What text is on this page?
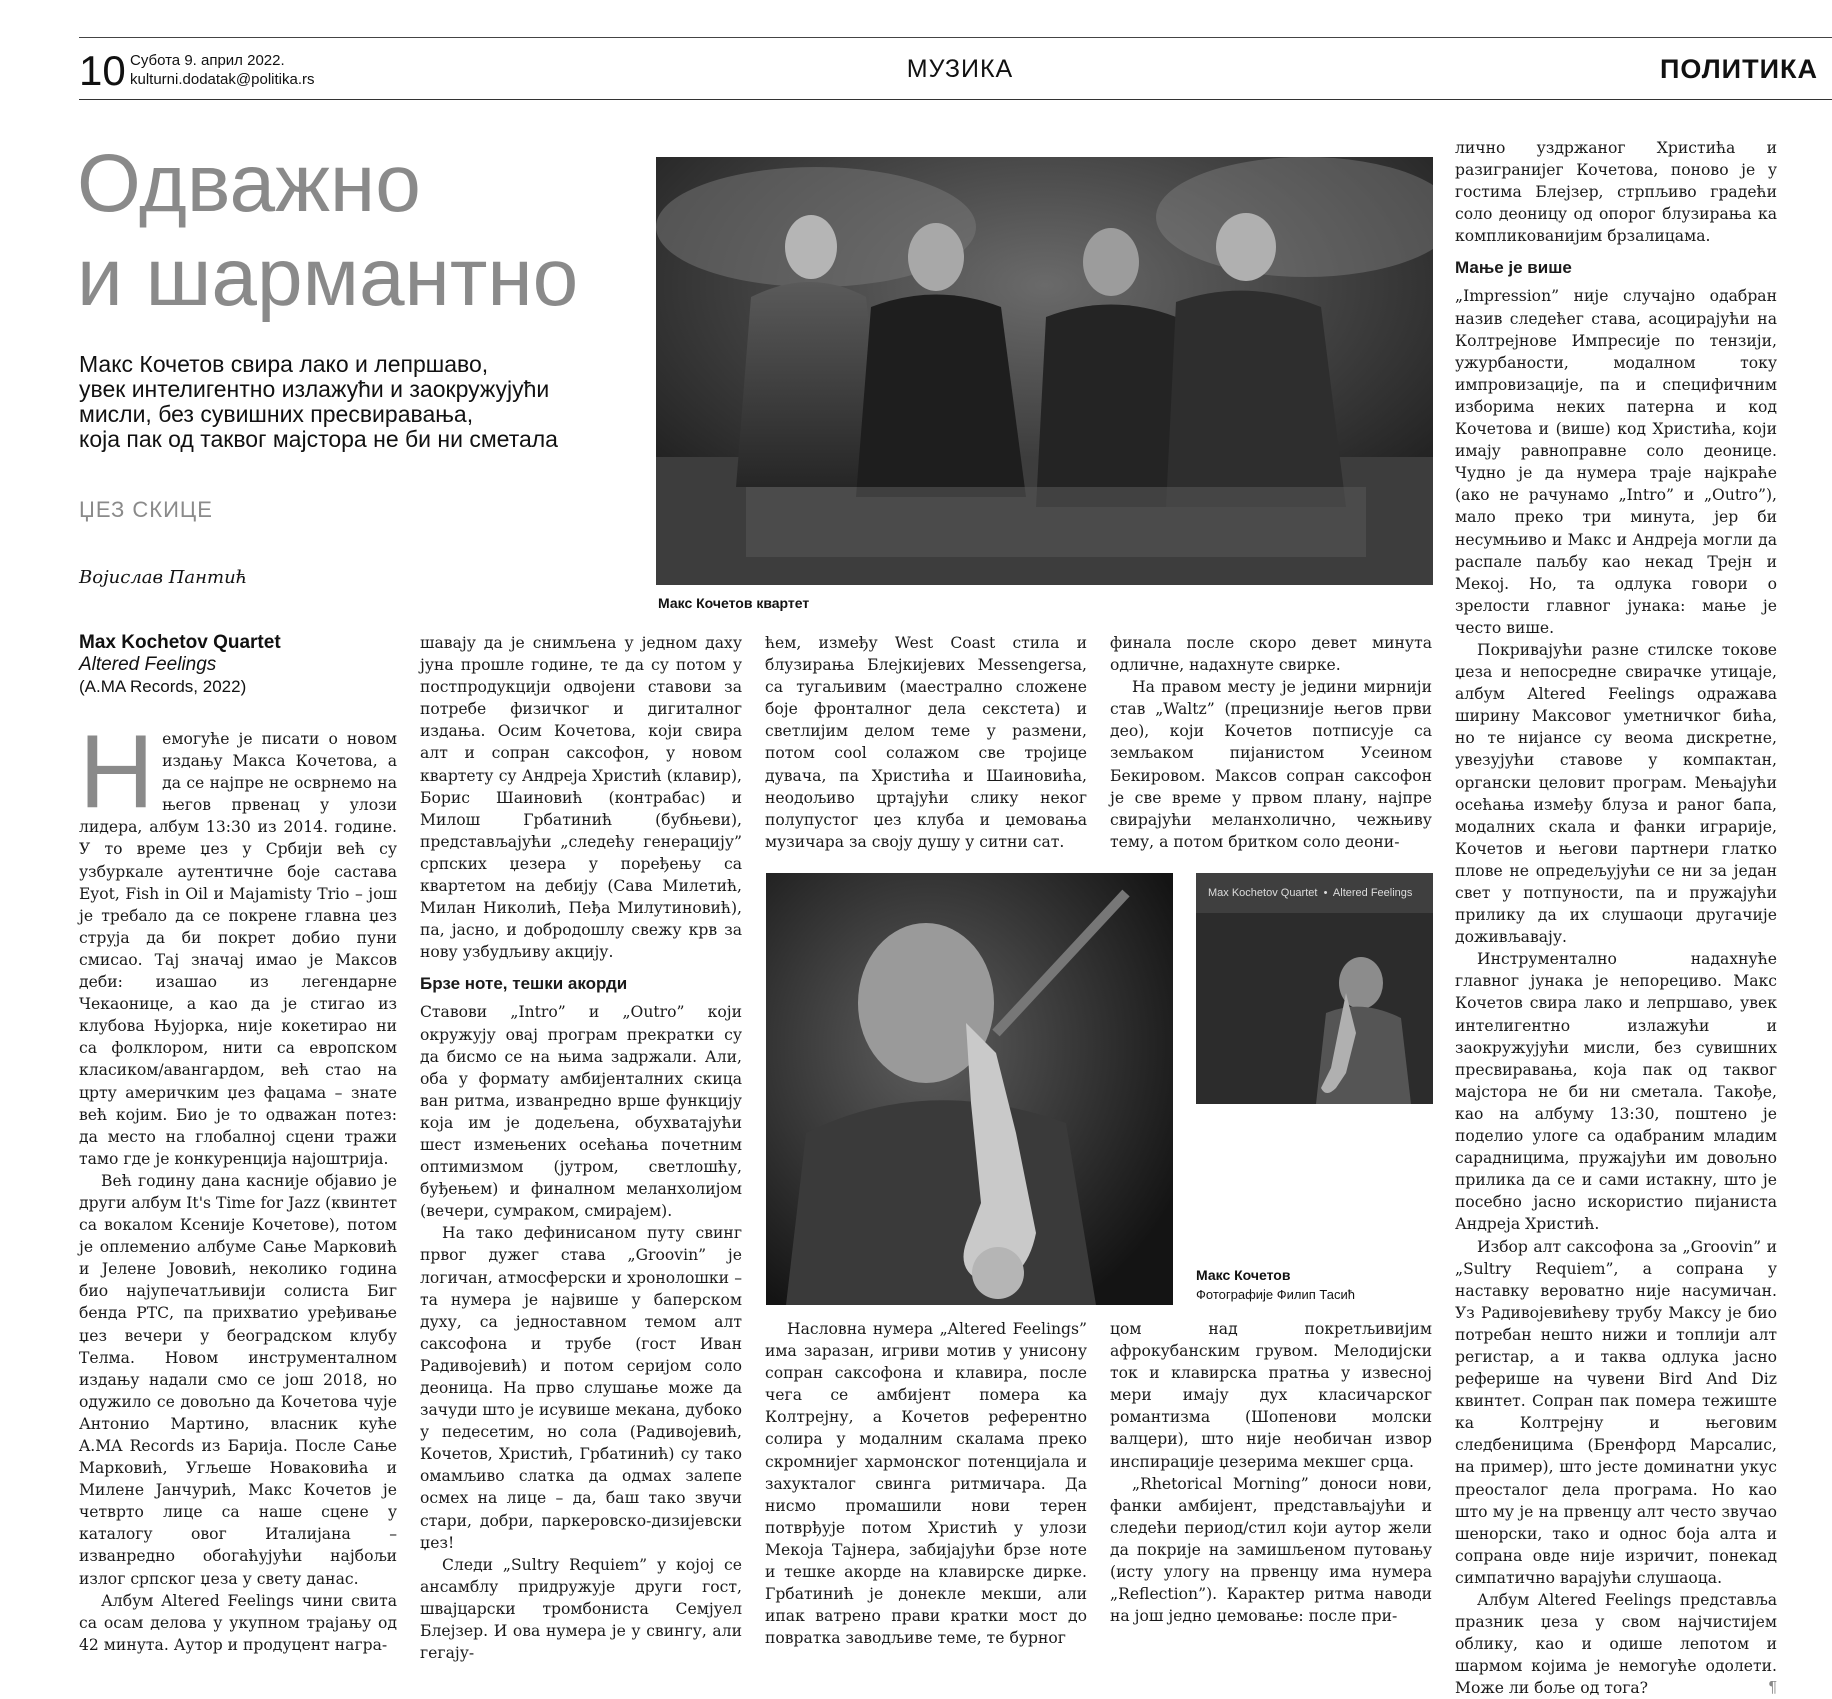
10 Субота 9. април 2022.
kulturni.dodatak@politika.rs	МУЗИКА	ПОЛИТИКА
Одважно
и шармантно
Макс Кочетов свира лако и лепршаво,
увек интелигентно излажући и заокружујући
мисли, без сувишних пресвиравања,
која пак од таквог мајстора не би ни сметала
ЏЕЗ СКИЦЕ
Војислав Пантић
Макс Кочетов квартет
Max Kochetov Quartet
Altered Feelings
(A.MA Records, 2022)

Немогуће је писати о новом издању Макса Кочетова, а да се најпре не осврнемо на његов првенац у улози лидера, албум 13:30 из 2014. године. У то време џез у Србији већ су узбуркале аутентичне боје састава Eyot, Fish in Oil и Majamisty Trio – још је требало да се покрене главна џез струја да би покрет добио пуни смисао. Тај значај имао је Максов деби: изашао из легендарне Чекаонице, а као да је стигао из клубова Њујорка, није кокетирао ни са фолклором, нити са европском класиком/авангардом, већ стао на црту америчким џез фацама – знате већ којим. Био је то одважан потез: да место на глобалној сцени тражи тамо где је конкуренција најоштрија.

Већ годину дана касније објавио је други албум It's Time for Jazz (квинтет са вокалом Ксеније Кочетове), потом је оплеменио албуме Сање Марковић и Јелене Јововић, неколико година био најупечатљивији солиста Биг бенда РТС, па прихватио уређивање џез вечери у београдском клубу Телма. Новом инструменталном издању надали смо се још 2018, но одужило се довољно да Кочетова чује Антонио Мартино, власник куће A.MA Records из Барија. После Сање Марковић, Угљеше Новаковића и Милене Јанчурић, Макс Кочетов је четврто лице са наше сцене у каталогу овог Италијана – изванредно обогаћујући најбољи излог српског џеза у свету данас.

Албум Altered Feelings чини свита са осам делова у укупном трајању од 42 минута. Аутор и продуцент награ-

шавају да је снимљена у једном даху јуна прошле године, те да су потом у постпродукцији одвојени ставови за потребе физичког и дигиталног издања. Осим Кочетова, који свира алт и сопран саксофон, у новом квартету су Андреја Христић (клавир), Борис Шаиновић (контрабас) и Милош Грбатинић (бубњеви), представљајући „следећу генерацију” српских џезера у поређењу са квартетом на дебију (Сава Милетић, Милан Николић, Пеђа Милутиновић), па, јасно, и добродошлу свежу крв за нову узбудљиву акцију.

Брзе ноте, тешки акорди

Ставови „Intro” и „Outro” који окружују овај програм прекратки су да бисмо се на њима задржали. Али, оба у формату амбијенталних скица ван ритма, изванредно врше функцију која им је додељена, обухватајући шест измењених осећања почетним оптимизмом (јутром, светлошћу, буђењем) и финалном меланхолијом (вечери, сумраком, смирајем).

На тако дефинисаном путу свинг првог дужег става „Groovin” је логичан, атмосферски и хронолошки – та нумера је највише у баперском духу, са једноставном темом алт саксофона и трубе (гост Иван Радивојевић) и потом серијом соло деоница. На прво слушање може да зачуди што је исувише мекана, дубоко у педесетим, но сола (Радивојевић, Кочетов, Христић, Грбатинић) су тако омамљиво слатка да одмах залепе осмех на лице – да, баш тако звучи стари, добри, паркеровско-дизијевски џез!

Следи „Sultry Requiem” у којој се ансамблу придружује други гост, швајцарски тромбониста Семјуел Блејзер. И ова нумера је у свингу, али гегају-

ћем, између West Coast стила и блузирања Блејкијевих Messengersa, са тугаљивим (маестрално сложене боје фронталног дела секстета) и светлијим делом теме у размени, потом cool солажом све тројице дувача, па Христића и Шаиновића, неодољиво цртајући слику неког полупустог џез клуба и џемовања музичара за своју душу у ситни сат.

финала после скоро девет минута одличне, надахнуте свирке.

На правом месту је једини мирнији став „Waltz” (прецизније његов први део), који Кочетов потписује са земљаком пијанистом Усеином Бекировом. Максов сопран саксофон је све време у првом плану, најпре свирајући меланхолично, чежњиву тему, а потом бритком соло деони-

Max Kochetov Quartet  •  Altered Feelings
Макс Кочетов
Фотографије Филип Тасић

Насловна нумера „Altered Feelings” има заразан, игриви мотив у унисону сопран саксофона и клавира, после чега се амбијент помера ка Колтрејну, а Кочетов референтно солира у модалним скалама преко скромнијег хармонског потенцијала и захукталог свинга ритмичара. Да нисмо промашили нови терен потврђује потом Христић у улози Мекоја Тајнера, забијајући брзе ноте и тешке акорде на клавирске дирке. Грбатинић је донекле мекши, али ипак ватрено прави кратки мост до повратка заводљиве теме, те бурног

цом над покретљивијим афрокубанским грувом. Мелодијски ток и клавирска пратња у извесној мери имају дух класичарског романтизма (Шопенови молски валцери), што није необичан извор инспирације џезерима мекшег срца.

„Rhetorical Morning” доноси нови, фанки амбијент, представљајући и следећи период/стил који аутор жели да покрије на замишљеном путовању (исту улогу на првенцу има нумера „Reflection”). Карактер ритма наводи на још једно џемовање: после при-

лично уздржаног Христића и разигранијег Кочетова, поново је у гостима Блејзер, стрпљиво градећи соло деоницу од опорог блузирања ка компликованијим брзалицама.

Мање је више

„Impression” није случајно одабран назив следећег става, асоцирајући на Колтрејнове Импресије по тензији, ужурбаности, модалном току импровизације, па и специфичним изборима неких патерна и код Кочетова и (више) код Христића, који имају равноправне соло деонице. Чудно је да нумера траје најкраће (ако не рачунамо „Intro” и „Outro”), мало преко три минута, јер би несумњиво и Макс и Андреја могли да распале паљбу као некад Трејн и Мекој. Но, та одлука говори о зрелости главног јунака: мање је често више.

Покривајући разне стилске токове џеза и непосредне свирачке утицаје, албум Altered Feelings одражава ширину Максовог уметничког бића, но те нијансе су веома дискретне, увезујући ставове у компактан, органски целовит програм. Мењајући осећања између блуза и раног бапа, модалних скала и фанки играрије, Кочетов и његови партнери глатко плове не опредељујући се ни за један свет у потпуности, па и пружајући прилику да их слушаоци другачије доживљавају.

Инструментално надахнуће главног јунака је непорециво. Макс Кочетов свира лако и лепршаво, увек интелигентно излажући и заокружујући мисли, без сувишних пресвиравања, која пак од таквог мајстора не би ни сметала. Такође, као на албуму 13:30, поштено је поделио улоге са одабраним младим сарадницима, пружајући им довољно прилика да се и сами истакну, што је посебно јасно искористио пијаниста Андреја Христић.

Избор алт саксофона за „Groovin” и „Sultry Requiem”, а сопрана у наставку вероватно није насумичан. Уз Радивојевићеву трубу Максу је био потребан нешто нижи и топлији алт регистар, а и таква одлука јасно реферише на чувени Bird And Diz квинтет. Сопран пак помера тежиште ка Колтрејну и његовим следбеницима (Бренфорд Марсалис, на пример), што јесте доминатни укус преосталог дела програма. Но као што му је на првенцу алт често звучао шенорски, тако и однос боја алта и сопрана овде није изричит, понекад симпатично варајући слушаоца.

Албум Altered Feelings представља празник џеза у свом најчистијем облику, као и одише лепотом и шармом којима је немогуће одолети. Може ли боље од тога?	¶
